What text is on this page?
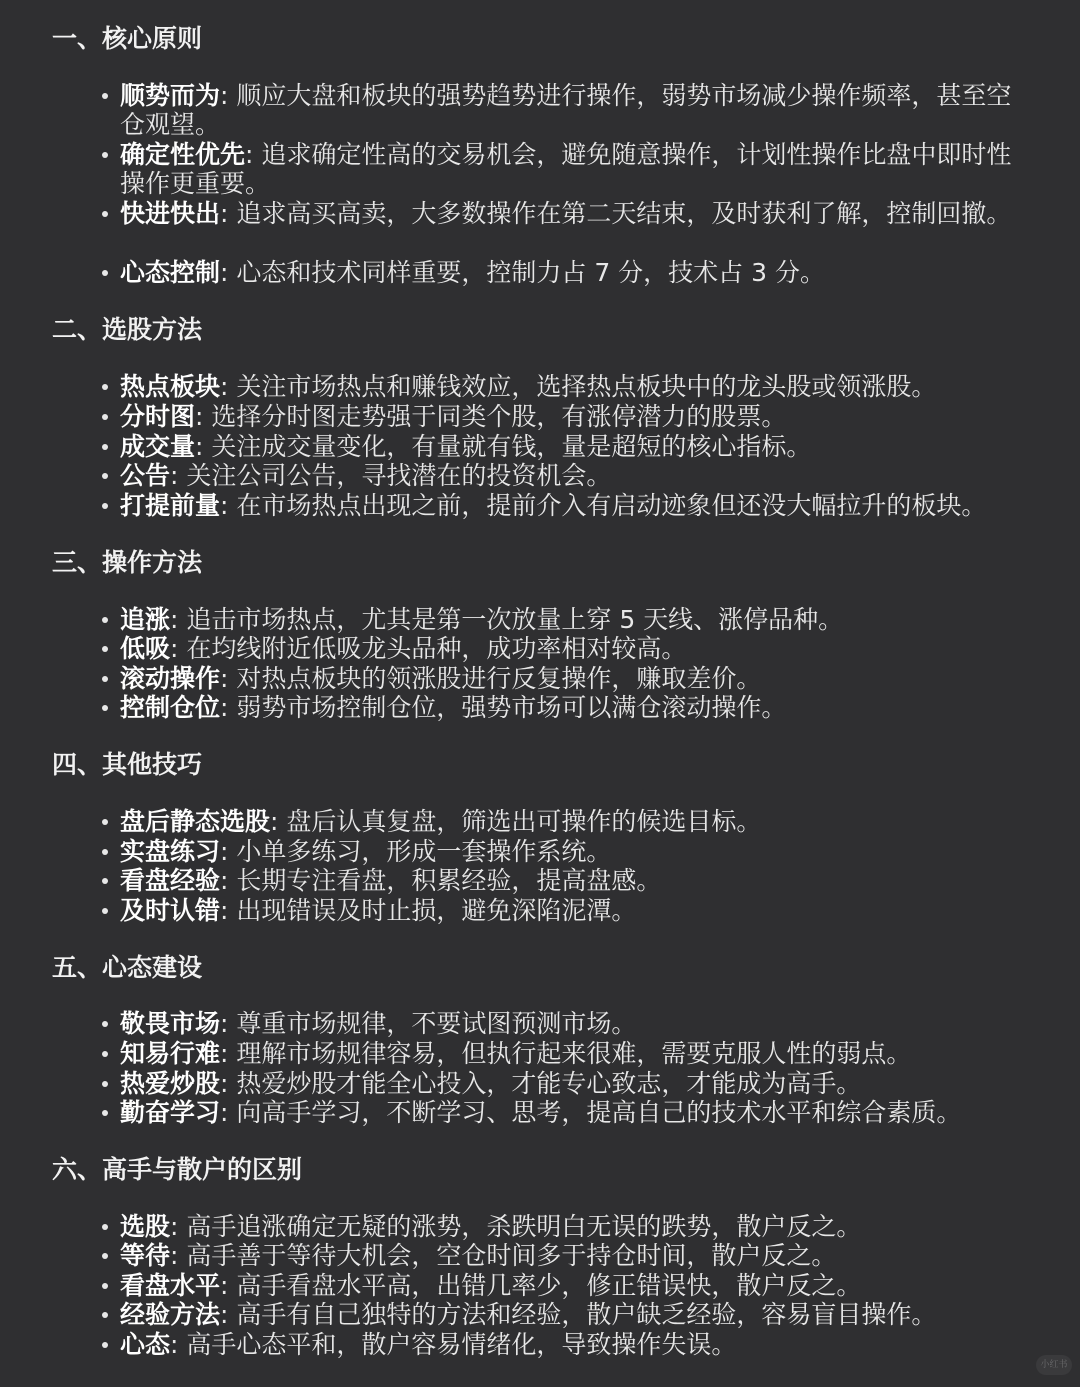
一、核心原则
顺势而为: 顺应大盘和板块的强势趋势进行操作，弱势市场减少操作频率，甚至空仓观望。
确定性优先: 追求确定性高的交易机会，避免随意操作，计划性操作比盘中即时性操作更重要。
快进快出: 追求高买高卖，大多数操作在第二天结束，及时获利了解，控制回撤。
心态控制: 心态和技术同样重要，控制力占 7 分，技术占 3 分。
二、选股方法
热点板块: 关注市场热点和赚钱效应，选择热点板块中的龙头股或领涨股。
分时图: 选择分时图走势强于同类个股，有涨停潜力的股票。
成交量: 关注成交量变化，有量就有钱，量是超短的核心指标。
公告: 关注公司公告，寻找潜在的投资机会。
打提前量: 在市场热点出现之前，提前介入有启动迹象但还没大幅拉升的板块。
三、操作方法
追涨: 追击市场热点，尤其是第一次放量上穿 5 天线、涨停品种。
低吸: 在均线附近低吸龙头品种，成功率相对较高。
滚动操作: 对热点板块的领涨股进行反复操作，赚取差价。
控制仓位: 弱势市场控制仓位，强势市场可以满仓滚动操作。
四、其他技巧
盘后静态选股: 盘后认真复盘，筛选出可操作的候选目标。
实盘练习: 小单多练习，形成一套操作系统。
看盘经验: 长期专注看盘，积累经验，提高盘感。
及时认错: 出现错误及时止损，避免深陷泥潭。
五、心态建设
敬畏市场: 尊重市场规律，不要试图预测市场。
知易行难: 理解市场规律容易，但执行起来很难，需要克服人性的弱点。
热爱炒股: 热爱炒股才能全心投入，才能专心致志，才能成为高手。
勤奋学习: 向高手学习，不断学习、思考，提高自己的技术水平和综合素质。
六、高手与散户的区别
选股: 高手追涨确定无疑的涨势，杀跌明白无误的跌势，散户反之。
等待: 高手善于等待大机会，空仓时间多于持仓时间，散户反之。
看盘水平: 高手看盘水平高，出错几率少，修正错误快，散户反之。
经验方法: 高手有自己独特的方法和经验，散户缺乏经验，容易盲目操作。
心态: 高手心态平和，散户容易情绪化，导致操作失误。
小红书
